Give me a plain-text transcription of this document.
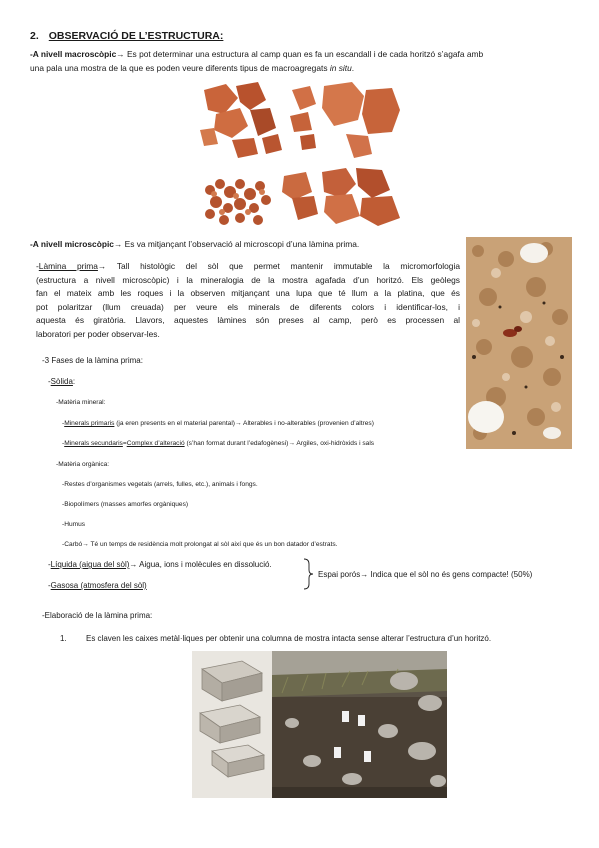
2. OBSERVACIÓ DE L’ESTRUCTURA:
-A nivell macroscòpic→ Es pot determinar una estructura al camp quan es fa un escandall i de cada horitzó s’agafa amb
una pala una mostra de la que es poden veure diferents tipus de macroagregats in situ.
-A nivell microscòpic→ Es va mitjançant l’observació al microscopi d’una làmina prima.
-Làmina prima→ Tall histològic del sòl que permet mantenir immutable la micromorfologia
(estructura a nivell microscòpic) i la mineralogia de la mostra agafada d’un horitzó. Els geòlegs
fan el mateix amb les roques i la observen mitjançant una lupa que té llum a la platina, que és
pot polaritzar (llum creuada) per veure els minerals de diferents colors i identificar-los, i
aquesta és giratòria. Llavors, aquestes làmines són preses al camp, però es processen al
laboratori per poder observar-les.
-3 Fases de la làmina prima:
-Sòlida:
-Matèria mineral:
-Minerals primaris (ja eren presents en el material parental)→ Alterables i no-alterables (provenien d’altres)
-Minerals secundaris=Complex d’alteració (s’han format durant l’edafogènesi)→ Argiles, oxi-hidròxids i sals
-Matèria orgànica:
-Restes d’organismes vegetals (arrels, fulles, etc.), animals i fongs.
-Biopolímers (masses amorfes orgàniques)
-Humus
-Carbó→ Té un temps de residència molt prolongat al sòl així que és un bon datador d’estrats.
-Líquida (aigua del sòl)→ Aigua, ions i molècules en dissolució.
-Gasosa (atmosfera del sòl)
Espai porós→ Indica que el sòl no és gens compacte! (50%)
-Elaboració de la làmina prima:
1. Es claven les caixes metàl·liques per obtenir una columna de mostra intacta sense alterar l’estructura d’un horitzó.
